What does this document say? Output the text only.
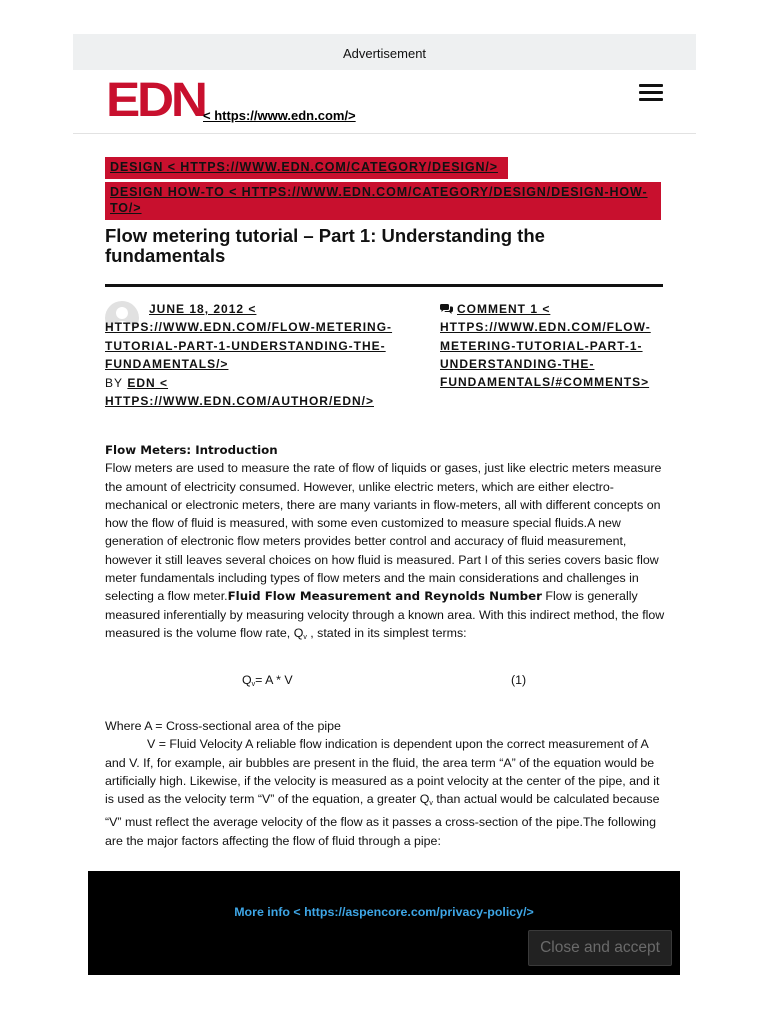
Advertisement
EDN
< https://www.edn.com/>
DESIGN < HTTPS://WWW.EDN.COM/CATEGORY/DESIGN/>
DESIGN HOW-TO < HTTPS://WWW.EDN.COM/CATEGORY/DESIGN/DESIGN-HOW-TO/>
Flow metering tutorial – Part 1: Understanding the fundamentals
JUNE 18, 2012 < HTTPS://WWW.EDN.COM/FLOW-METERING-TUTORIAL-PART-1-UNDERSTANDING-THE-FUNDAMENTALS/>
BY EDN < HTTPS://WWW.EDN.COM/AUTHOR/EDN/>
COMMENT 1 < HTTPS://WWW.EDN.COM/FLOW-METERING-TUTORIAL-PART-1-UNDERSTANDING-THE-FUNDAMENTALS/#COMMENTS>

Flow Meters: Introduction

Flow meters are used to measure the rate of flow of liquids or gases, just like electric meters measure the amount of electricity consumed. However, unlike electric meters, which are either electro-mechanical or electronic meters, there are many variants in flow-meters, all with different concepts on how the flow of fluid is measured, with some even customized to measure special fluids.A new generation of electronic flow meters provides better control and accuracy of fluid measurement, however it still leaves several choices on how fluid is measured. Part I of this series covers basic flow meter fundamentals including types of flow meters and the main considerations and challenges in selecting a flow meter.Fluid Flow Measurement and Reynolds Number Flow is generally measured inferentially by measuring velocity through a known area. With this indirect method, the flow measured is the volume flow rate, $Q_v$ , stated in its simplest terms:

$Q_v= A * V$	(1)

Where A = Cross-sectional area of the pipe

V = Fluid Velocity A reliable flow indication is dependent upon the correct measurement of A and V. If, for example, air bubbles are present in the fluid, the area term “A” of the equation would be artificially high. Likewise, if the velocity is measured as a point velocity at the center of the pipe, and it is used as the velocity term “V” of the equation, a greater $Q_v$ than actual would be calculated because “V” must reflect the average velocity of the flow as it passes a cross-section of the pipe.The following are the major factors affecting the flow of fluid through a pipe:

More info < https://aspencore.com/privacy-policy/>
Close and accept
